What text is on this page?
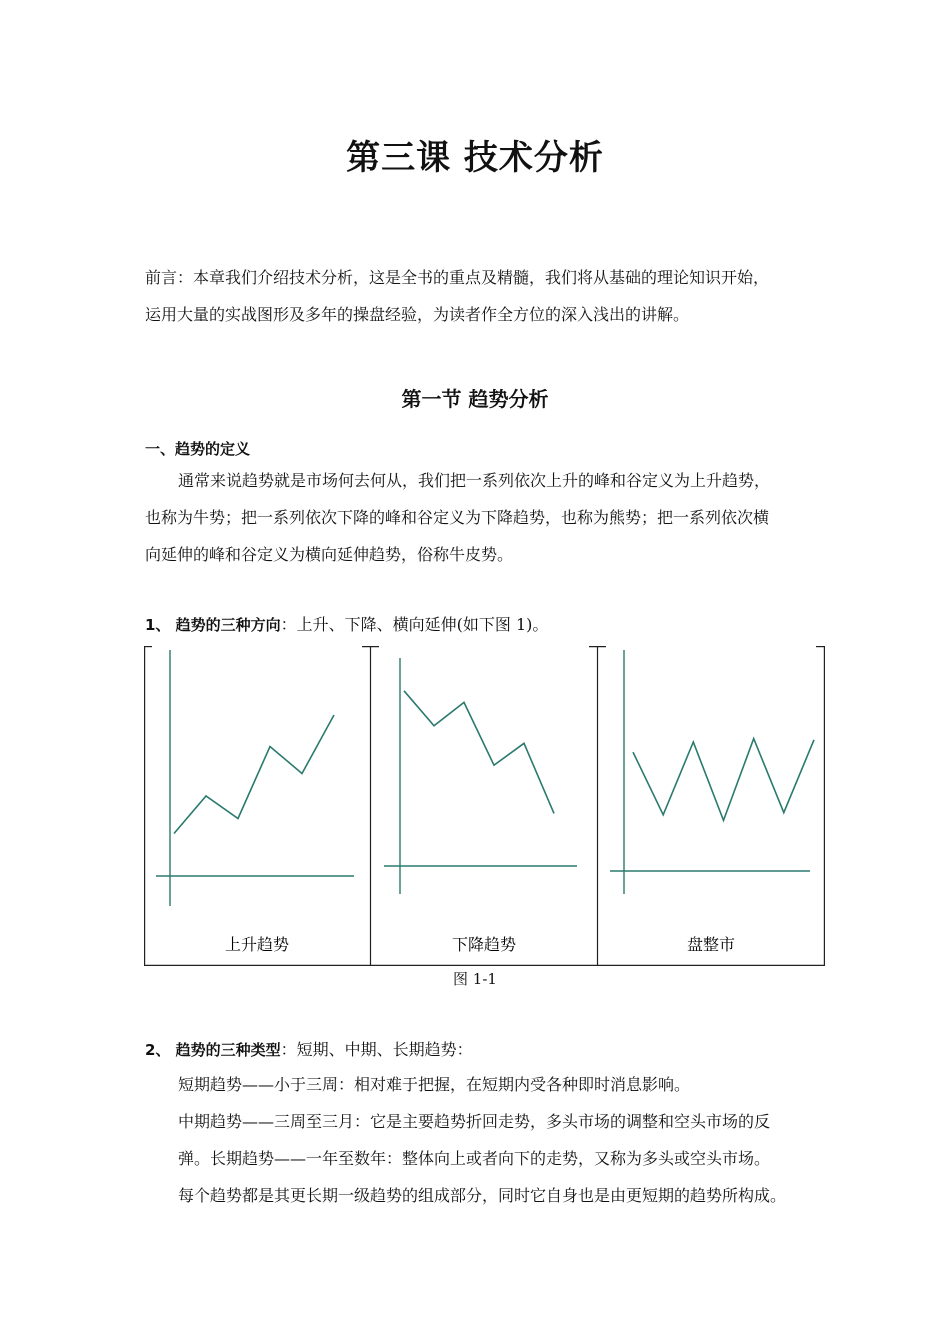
第三课 技术分析
前言：本章我们介绍技术分析，这是全书的重点及精髓，我们将从基础的理论知识开始，
运用大量的实战图形及多年的操盘经验，为读者作全方位的深入浅出的讲解。
第一节 趋势分析
一、趋势的定义
通常来说趋势就是市场何去何从，我们把一系列依次上升的峰和谷定义为上升趋势，
也称为牛势；把一系列依次下降的峰和谷定义为下降趋势，也称为熊势；把一系列依次横
向延伸的峰和谷定义为横向延伸趋势，俗称牛皮势。
1、 趋势的三种方向：上升、下降、横向延伸(如下图 1)。
上升趋势	下降趋势	盘整市
图 1-1
2、 趋势的三种类型：短期、中期、长期趋势：
短期趋势——小于三周：相对难于把握，在短期内受各种即时消息影响。
中期趋势——三周至三月：它是主要趋势折回走势，多头市场的调整和空头市场的反
弹。长期趋势——一年至数年：整体向上或者向下的走势，又称为多头或空头市场。
每个趋势都是其更长期一级趋势的组成部分，同时它自身也是由更短期的趋势所构成。
